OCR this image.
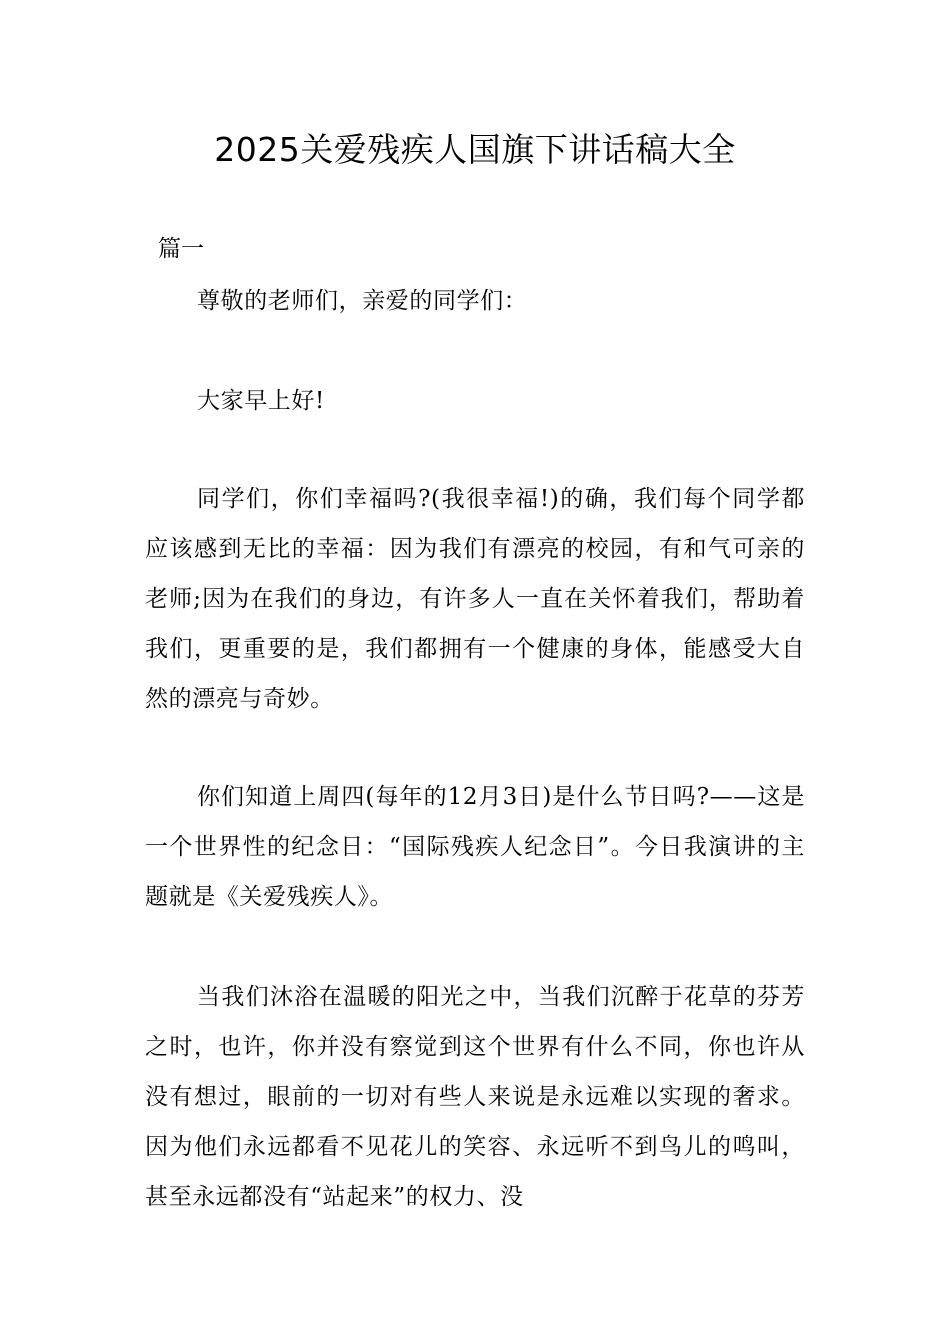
2025关爱残疾人国旗下讲话稿大全
篇一

尊敬的老师们，亲爱的同学们：

大家早上好!

同学们，你们幸福吗?(我很幸福!)的确，我们每个同学都应该感到无比的幸福：因为我们有漂亮的校园，有和气可亲的老师;因为在我们的身边，有许多人一直在关怀着我们，帮助着我们，更重要的是，我们都拥有一个健康的身体，能感受大自然的漂亮与奇妙。

你们知道上周四(每年的12月3日)是什么节日吗?——这是一个世界性的纪念日：“国际残疾人纪念日”。今日我演讲的主题就是《关爱残疾人》。

当我们沐浴在温暖的阳光之中，当我们沉醉于花草的芬芳之时，也许，你并没有察觉到这个世界有什么不同，你也许从没有想过，眼前的一切对有些人来说是永远难以实现的奢求。因为他们永远都看不见花儿的笑容、永远听不到鸟儿的鸣叫，甚至永远都没有“站起来”的权力、没
